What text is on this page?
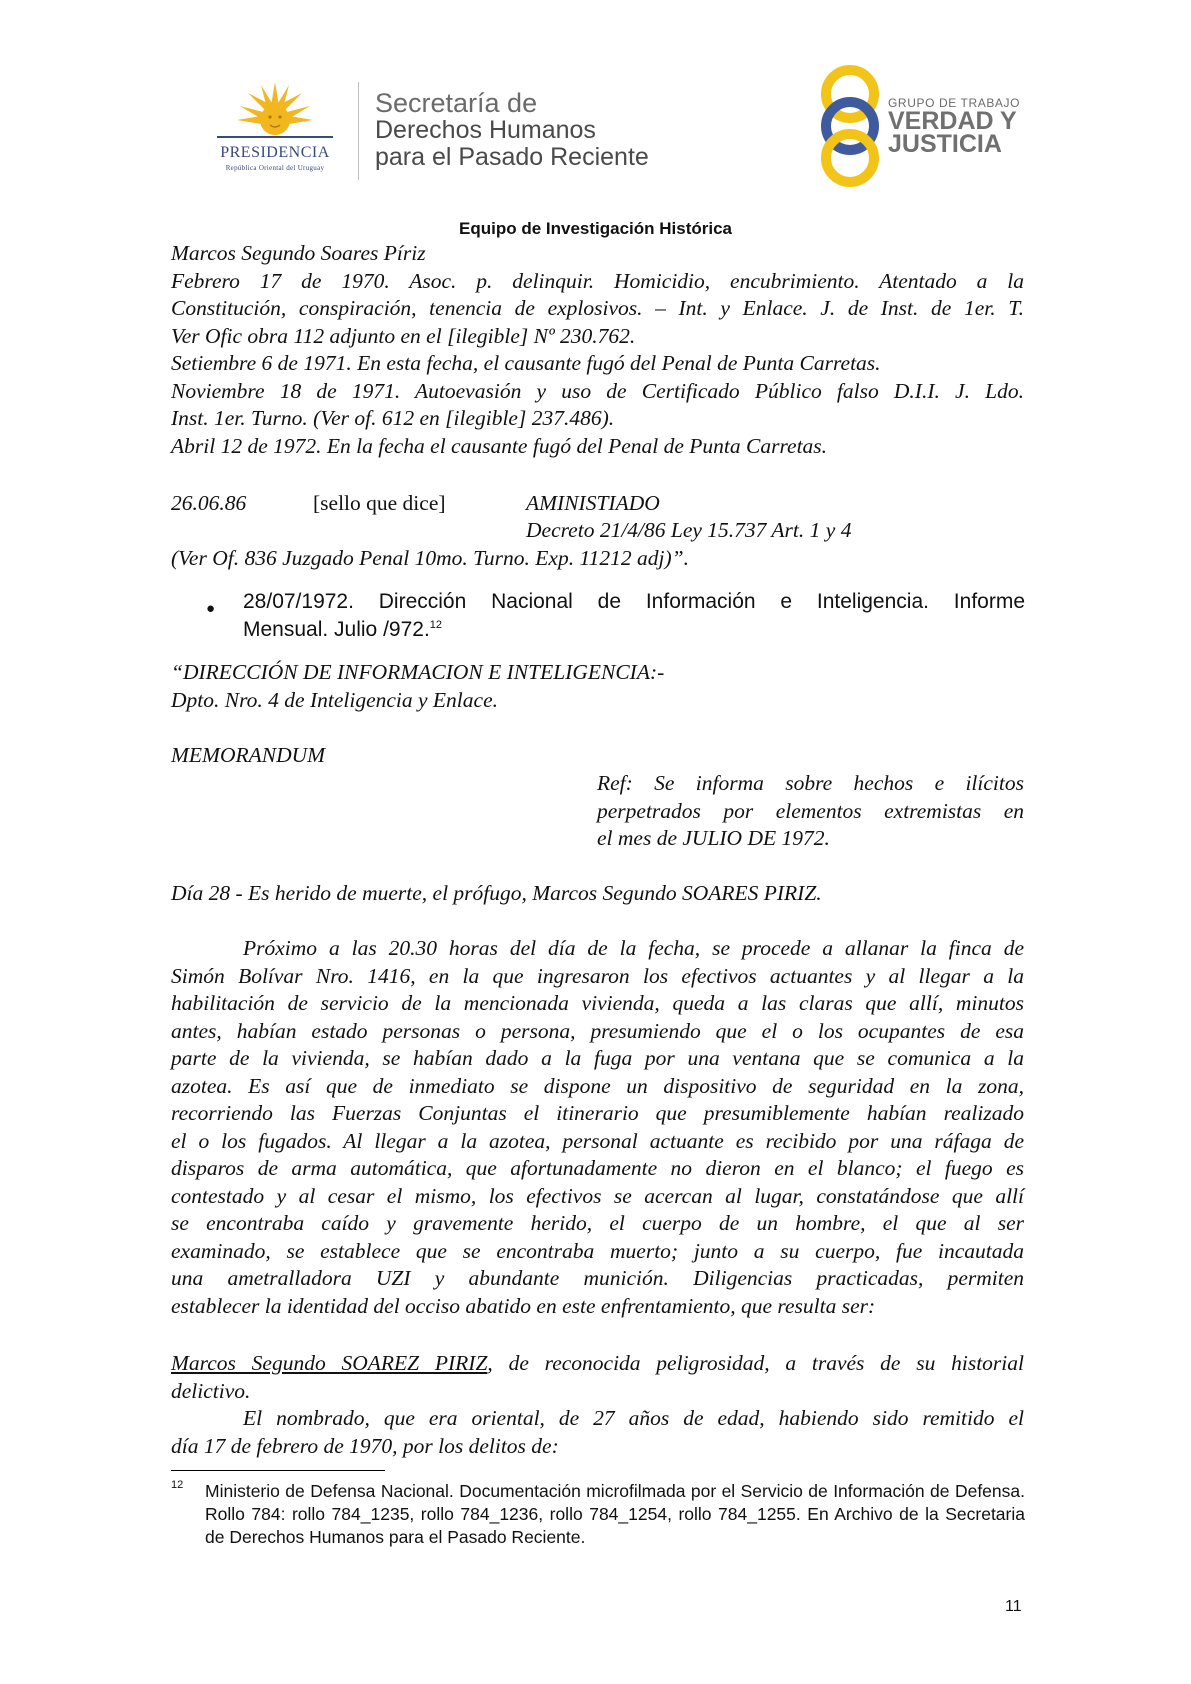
PRESIDENCIA
República Oriental del Uruguay
Secretaría de
Derechos Humanos
para el Pasado Reciente
GRUPO DE TRABAJO
VERDAD Y
JUSTICIA
Equipo de Investigación Histórica
Marcos Segundo Soares Píriz
Febrero 17 de 1970. Asoc. p. delinquir. Homicidio, encubrimiento. Atentado a la
Constitución, conspiración, tenencia de explosivos. – Int. y Enlace. J. de Inst. de 1er. T.
Ver Ofic obra 112 adjunto en el [ilegible] Nº 230.762.
Setiembre 6 de 1971. En esta fecha, el causante fugó del Penal de Punta Carretas.
Noviembre 18 de 1971. Autoevasión y uso de Certificado Público falso D.I.I. J. Ldo.
Inst. 1er. Turno. (Ver of. 612 en [ilegible] 237.486).
Abril 12 de 1972. En la fecha el causante fugó del Penal de Punta Carretas.
26.06.86	[sello que dice]	AMINISTIADO
Decreto 21/4/86 Ley 15.737 Art. 1 y 4
(Ver Of. 836 Juzgado Penal 10mo. Turno. Exp. 11212 adj)”.
● 28/07/1972. Dirección Nacional de Información e Inteligencia. Informe
Mensual. Julio /972.12
“DIRECCIÓN DE INFORMACION E INTELIGENCIA:-
Dpto. Nro. 4 de Inteligencia y Enlace.
MEMORANDUM
Ref: Se informa sobre hechos e ilícitos
perpetrados por elementos extremistas en
el mes de JULIO DE 1972.
Día 28 - Es herido de muerte, el prófugo, Marcos Segundo SOARES PIRIZ.
Próximo a las 20.30 horas del día de la fecha, se procede a allanar la finca de
Simón Bolívar Nro. 1416, en la que ingresaron los efectivos actuantes y al llegar a la
habilitación de servicio de la mencionada vivienda, queda a las claras que allí, minutos
antes, habían estado personas o persona, presumiendo que el o los ocupantes de esa
parte de la vivienda, se habían dado a la fuga por una ventana que se comunica a la
azotea. Es así que de inmediato se dispone un dispositivo de seguridad en la zona,
recorriendo las Fuerzas Conjuntas el itinerario que presumiblemente habían realizado
el o los fugados. Al llegar a la azotea, personal actuante es recibido por una ráfaga de
disparos de arma automática, que afortunadamente no dieron en el blanco; el fuego es
contestado y al cesar el mismo, los efectivos se acercan al lugar, constatándose que allí
se encontraba caído y gravemente herido, el cuerpo de un hombre, el que al ser
examinado, se establece que se encontraba muerto; junto a su cuerpo, fue incautada
una ametralladora UZI y abundante munición. Diligencias practicadas, permiten
establecer la identidad del occiso abatido en este enfrentamiento, que resulta ser:
Marcos Segundo SOAREZ PIRIZ, de reconocida peligrosidad, a través de su historial
delictivo.
El nombrado, que era oriental, de 27 años de edad, habiendo sido remitido el
día 17 de febrero de 1970, por los delitos de:
12 Ministerio de Defensa Nacional. Documentación microfilmada por el Servicio de Información de Defensa. Rollo 784: rollo 784_1235, rollo 784_1236, rollo 784_1254, rollo 784_1255. En Archivo de la Secretaria de Derechos Humanos para el Pasado Reciente.
11
